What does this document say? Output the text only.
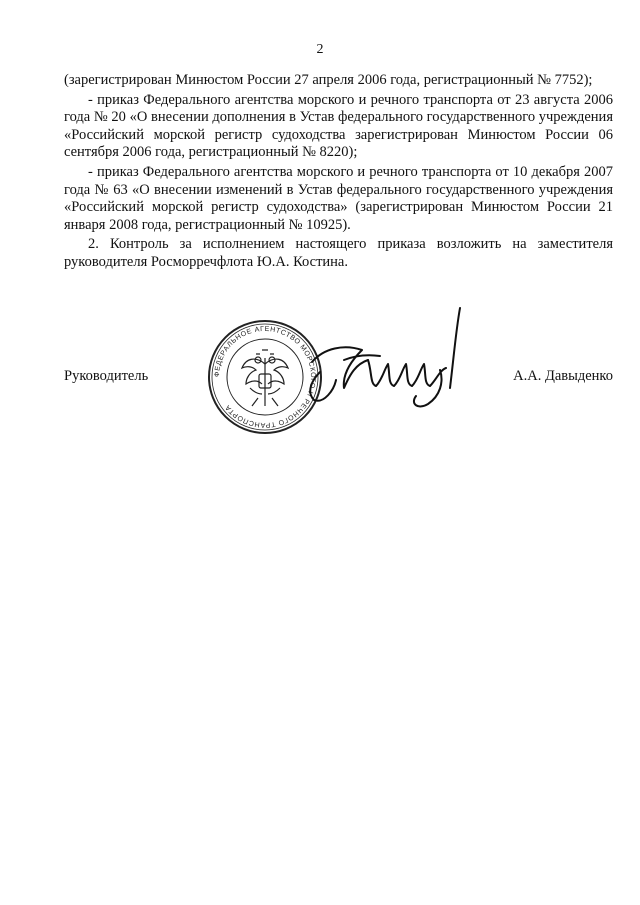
2

(зарегистрирован Минюстом России 27 апреля 2006 года, регистрационный № 7752);

- приказ Федерального агентства морского и речного транспорта от 23 августа 2006 года № 20 «О внесении дополнения в Устав федерального государственного учреждения «Российский морской регистр судоходства зарегистрирован Минюстом России 06 сентября 2006 года, регистрационный № 8220);

- приказ Федерального агентства морского и речного транспорта от 10 декабря 2007 года № 63 «О внесении изменений в Устав федерального государственного учреждения «Российский морской регистр судоходства» (зарегистрирован Минюстом России 21 января 2008 года, регистрационный № 10925).

2. Контроль за исполнением настоящего приказа возложить на заместителя руководителя Росморречфлота Ю.А. Костина.

ФЕДЕРАЛЬНОЕ АГЕНТСТВО МОРСКОГО И РЕЧНОГО ТРАНСПОРТА
Руководитель	А.А. Давыденко
